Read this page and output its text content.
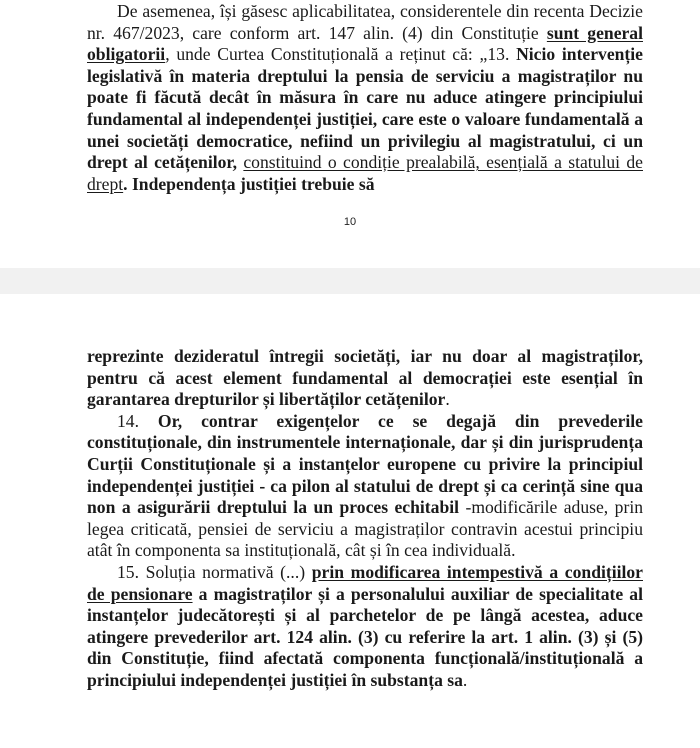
De asemenea, își găsesc aplicabilitatea, considerentele din recenta Decizie nr. 467/2023, care conform art. 147 alin. (4) din Constituție sunt general obligatorii, unde Curtea Constituțională a reținut că: „13. Nicio intervenție legislativă în materia dreptului la pensia de serviciu a magistraților nu poate fi făcută decât în măsura în care nu aduce atingere principiului fundamental al independenței justiției, care este o valoare fundamentală a unei societăți democratice, nefiind un privilegiu al magistratului, ci un drept al cetățenilor, constituind o condiție prealabilă, esențială a statului de drept. Independența justiției trebuie să

10

reprezinte dezideratul întregii societăți, iar nu doar al magistraților, pentru că acest element fundamental al democrației este esențial în garantarea drepturilor și libertăților cetățenilor.

14. Or, contrar exigențelor ce se degajă din prevederile constituționale, din instrumentele internaționale, dar și din jurisprudența Curții Constituționale și a instanțelor europene cu privire la principiul independenței justiției - ca pilon al statului de drept și ca cerință sine qua non a asigurării dreptului la un proces echitabil -modificările aduse, prin legea criticată, pensiei de serviciu a magistraților contravin acestui principiu atât în componenta sa instituțională, cât și în cea individuală.

15. Soluția normativă (...) prin modificarea intempestivă a condițiilor de pensionare a magistraților și a personalului auxiliar de specialitate al instanțelor judecătorești și al parchetelor de pe lângă acestea, aduce atingere prevederilor art. 124 alin. (3) cu referire la art. 1 alin. (3) și (5) din Constituție, fiind afectată componenta funcțională/instituțională a principiului independenței justiției în substanța sa.
